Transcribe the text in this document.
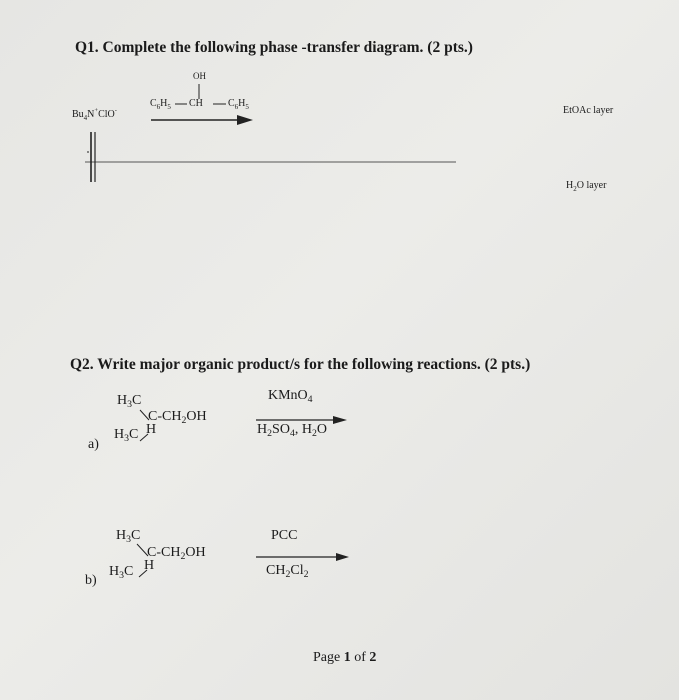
Q1. Complete the following phase -transfer diagram. (2 pts.)
$Bu_4N^+ClO^-$
OH
$C_6H_5$ CH	$C_6H_5$	EtOAc layer
$H_2O$ layer
Q2. Write major organic product/s for the following reactions. (2 pts.)
$H_3C$
$C-CH_2OH$
H
$H_3C$
a)
KMnO$_4$
$H_2SO_4$, $H_2O$
$H_3C$
$C-CH_2OH$
H
$H_3C$
b)
PCC
$CH_2Cl_2$
Page 1 of 2
